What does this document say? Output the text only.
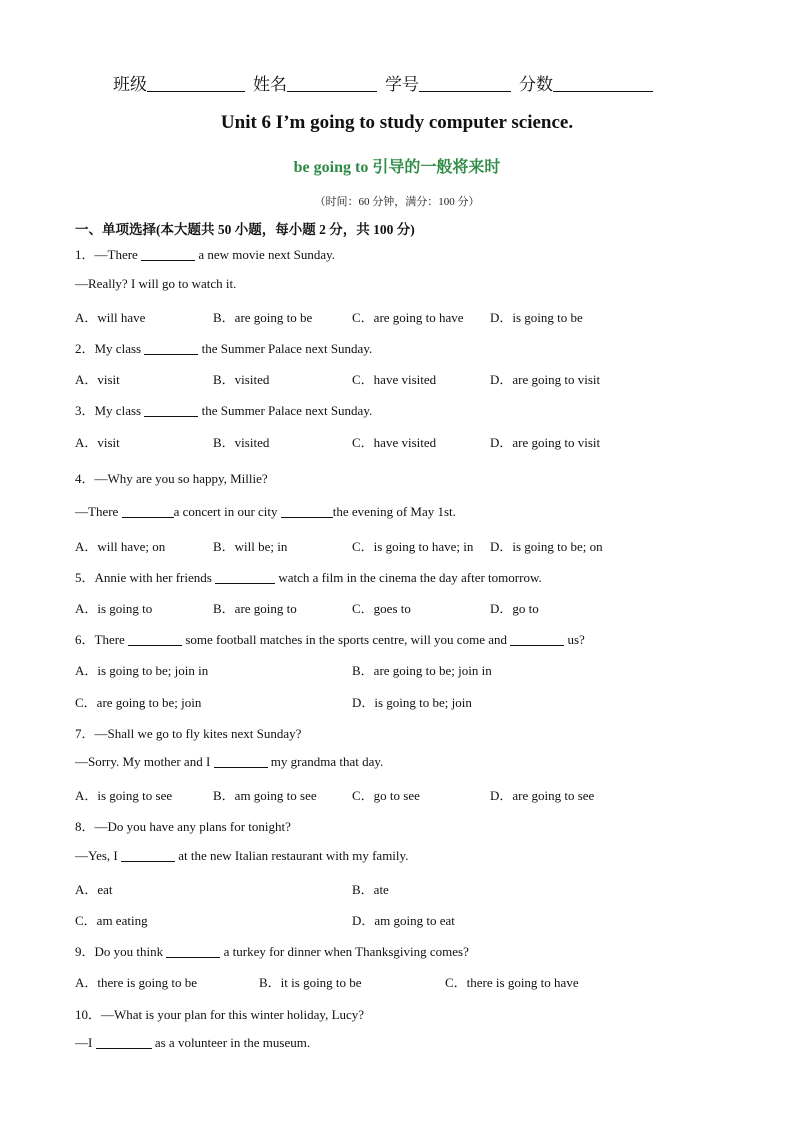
班级	姓名	学号	分数
Unit 6 I’m going to study computer science.
be going to 引导的一般将来时
（时间：60 分钟，满分：100 分）
一、单项选择(本大题共 50 小题，每小题 2 分，共 100 分)
1．—There	a new movie next Sunday.
—Really? I will go to watch it.
A．will have	B．are going to be	C．are going to have D．is going to be
2．My class	the Summer Palace next Sunday.
A．visit	B．visited	C．have visited	D．are going to visit
3．My class	the Summer Palace next Sunday.
A．visit	B．visited	C．have visited	D．are going to visit
4．—Why are you so happy, Millie?
—There	a concert in our city	the evening of May 1st.
A．will have; on	B．will be; in	C．is going to have; in D．is going to be; on
5．Annie with her friends	watch a film in the cinema the day after tomorrow.
A．is going to	B．are going to	C．goes to	D．go to
6．There	some football matches in the sports centre, will you come and	us?
A．is going to be; join in	B．are going to be; join in
C．are going to be; join	D．is going to be; join
7．—Shall we go to fly kites next Sunday?
—Sorry. My mother and I	my grandma that day.
A．is going to see	B．am going to see	C．go to see	D．are going to see
8．—Do you have any plans for tonight?
—Yes, I	at the new Italian restaurant with my family.
A．eat	B．ate
C．am eating	D．am going to eat
9．Do you think	a turkey for dinner when Thanksgiving comes?
A．there is going to be	B．it is going to be	C．there is going to have
10．—What is your plan for this winter holiday, Lucy?
—I	as a volunteer in the museum.
